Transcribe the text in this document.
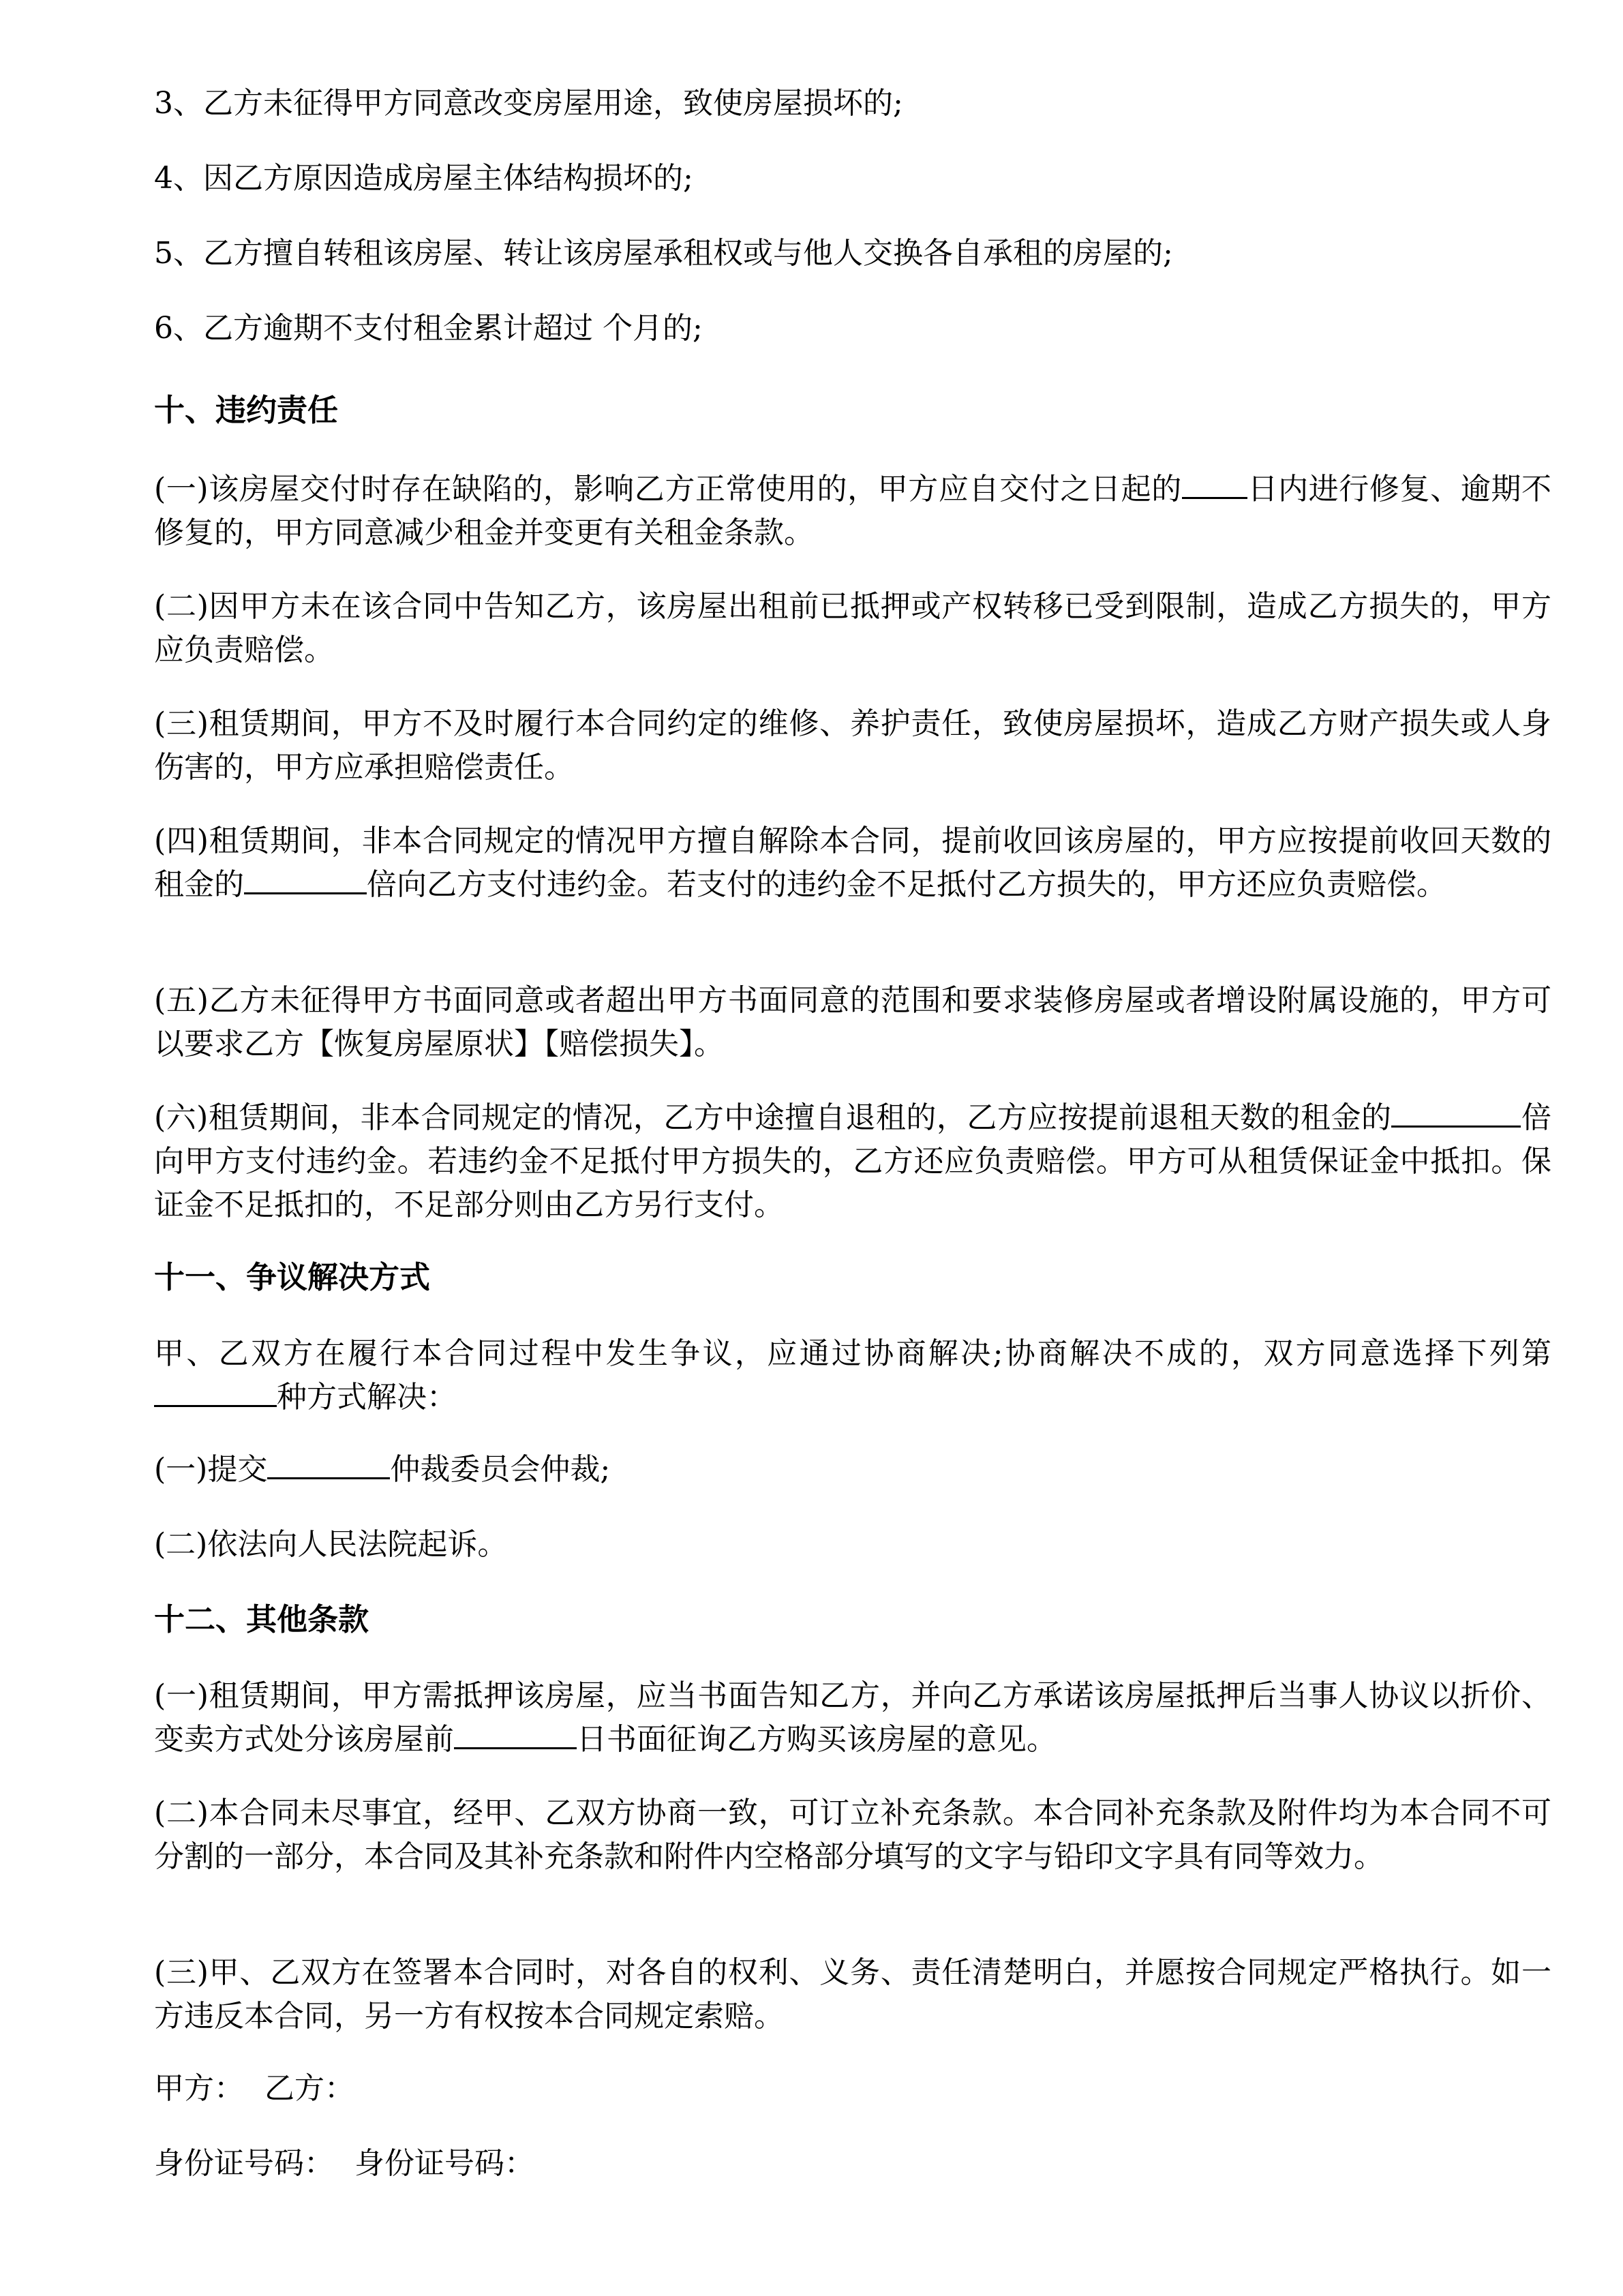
3、乙方未征得甲方同意改变房屋用途，致使房屋损坏的;
4、因乙方原因造成房屋主体结构损坏的;
5、乙方擅自转租该房屋、转让该房屋承租权或与他人交换各自承租的房屋的;
6、乙方逾期不支付租金累计超过 个月的;
十、违约责任
(一)该房屋交付时存在缺陷的，影响乙方正常使用的，甲方应自交付之日起的 日内进行修复、逾期不修复的，甲方同意减少租金并变更有关租金条款。
(二)因甲方未在该合同中告知乙方，该房屋出租前已抵押或产权转移已受到限制，造成乙方损失的，甲方应负责赔偿。
(三)租赁期间，甲方不及时履行本合同约定的维修、养护责任，致使房屋损坏，造成乙方财产损失或人身伤害的，甲方应承担赔偿责任。
(四)租赁期间，非本合同规定的情况甲方擅自解除本合同，提前收回该房屋的，甲方应按提前收回天数的租金的	倍向乙方支付违约金。若支付的违约金不足抵付乙方损失的，甲方还应负责赔偿。
(五)乙方未征得甲方书面同意或者超出甲方书面同意的范围和要求装修房屋或者增设附属设施的，甲方可以要求乙方【恢复房屋原状】【赔偿损失】。
(六)租赁期间，非本合同规定的情况，乙方中途擅自退租的，乙方应按提前退租天数的租金的	倍向甲方支付违约金。若违约金不足抵付甲方损失的，乙方还应负责赔偿。甲方可从租赁保证金中抵扣。保证金不足抵扣的，不足部分则由乙方另行支付。
十一、争议解决方式
甲、乙双方在履行本合同过程中发生争议，应通过协商解决;协商解决不成的，双方同意选择下列第种方式解决：
(一)提交	仲裁委员会仲裁;
(二)依法向人民法院起诉。
十二、其他条款
(一)租赁期间，甲方需抵押该房屋，应当书面告知乙方，并向乙方承诺该房屋抵押后当事人协议以折价、变卖方式处分该房屋前	日书面征询乙方购买该房屋的意见。
(二)本合同未尽事宜，经甲、乙双方协商一致，可订立补充条款。本合同补充条款及附件均为本合同不可分割的一部分，本合同及其补充条款和附件内空格部分填写的文字与铅印文字具有同等效力。
(三)甲、乙双方在签署本合同时，对各自的权利、义务、责任清楚明白，并愿按合同规定严格执行。如一方违反本合同，另一方有权按本合同规定索赔。
甲方： 乙方：
身份证号码： 身份证号码：
